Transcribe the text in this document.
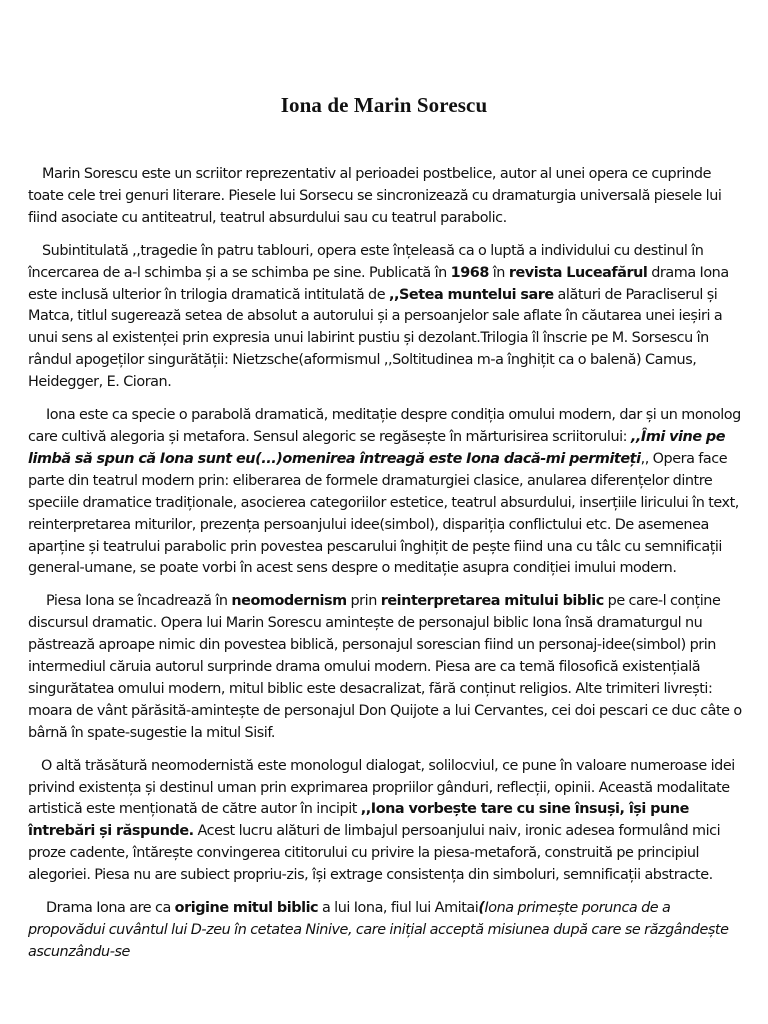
Iona de Marin Sorescu

Marin Sorescu este un scriitor reprezentativ al perioadei postbelice, autor al unei opera ce cuprinde toate cele trei genuri literare. Piesele lui Sorsecu se sincronizează cu dramaturgia universală piesele lui fiind asociate cu antiteatrul, teatrul absurdului sau cu teatrul parabolic.

Subintitulată ,,tragedie în patru tablouri, opera este înțeleasă ca o luptă a individului cu destinul în încercarea de a-l schimba și a se schimba pe sine. Publicată în 1968 în revista Luceafărul drama Iona este inclusă ulterior în trilogia dramatică intitulată de ,,Setea muntelui sare alături de Paracliserul și Matca, titlul sugerează setea de absolut a autorului și a persoanjelor sale aflate în căutarea unei ieșiri a unui sens al existenței prin expresia unui labirint pustiu și dezolant.Trilogia îl înscrie pe M. Sorsescu în rândul apogeților singurătății: Nietzsche(aformismul ,,Soltitudinea m-a înghițit ca o balenă) Camus, Heidegger, E. Cioran.

Iona este ca specie o parabolă dramatică, meditație despre condiția omului modern, dar și un monolog care cultivă alegoria și metafora. Sensul alegoric se regăsește în mărturisirea scriitorului: ,,Îmi vine pe limbă să spun că Iona sunt eu(...)omenirea întreagă este Iona dacă-mi permiteți,, Opera face parte din teatrul modern prin: eliberarea de formele dramaturgiei clasice, anularea diferențelor dintre speciile dramatice tradiționale, asocierea categoriilor estetice, teatrul absurdului, inserțiile liricului în text, reinterpretarea miturilor, prezența persoanjului idee(simbol), dispariția conflictului etc. De asemenea aparține și teatrului parabolic prin povestea pescarului înghițit de pește fiind una cu tâlc cu semnificații general-umane, se poate vorbi în acest sens despre o meditație asupra condiției imului modern.

Piesa Iona se încadrează în neomodernism prin reinterpretarea mitului biblic pe care-l conține discursul dramatic. Opera lui Marin Sorescu amintește de personajul biblic Iona însă dramaturgul nu păstrează aproape nimic din povestea biblică, personajul sorescian fiind un personaj-idee(simbol) prin intermediul căruia autorul surprinde drama omului modern. Piesa are ca temă filosofică existențială singurătatea omului modern, mitul biblic este desacralizat, fără conținut religios. Alte trimiteri livrești: moara de vânt părăsită-amintește de personajul Don Quijote a lui Cervantes, cei doi pescari ce duc câte o bârnă în spate-sugestie la mitul Sisif.

O altă trăsătură neomodernistă este monologul dialogat, solilocviul, ce pune în valoare numeroase idei privind existența și destinul uman prin exprimarea propriilor gânduri, reflecții, opinii. Această modalitate artistică este menționată de către autor în incipit ,,Iona vorbește tare cu sine însuși, își pune întrebări și răspunde. Acest lucru alături de limbajul persoanjului naiv, ironic adesea formulând mici proze cadente, întărește convingerea cititorului cu privire la piesa-metaforă, construită pe principiul alegoriei. Piesa nu are subiect propriu-zis, își extrage consistența din simboluri, semnificații abstracte.

Drama Iona are ca origine mitul biblic a lui Iona, fiul lui Amitai(Iona primește porunca de a propovădui cuvântul lui D-zeu în cetatea Ninive, care inițial acceptă misiunea după care se răzgândește ascunzându-se
